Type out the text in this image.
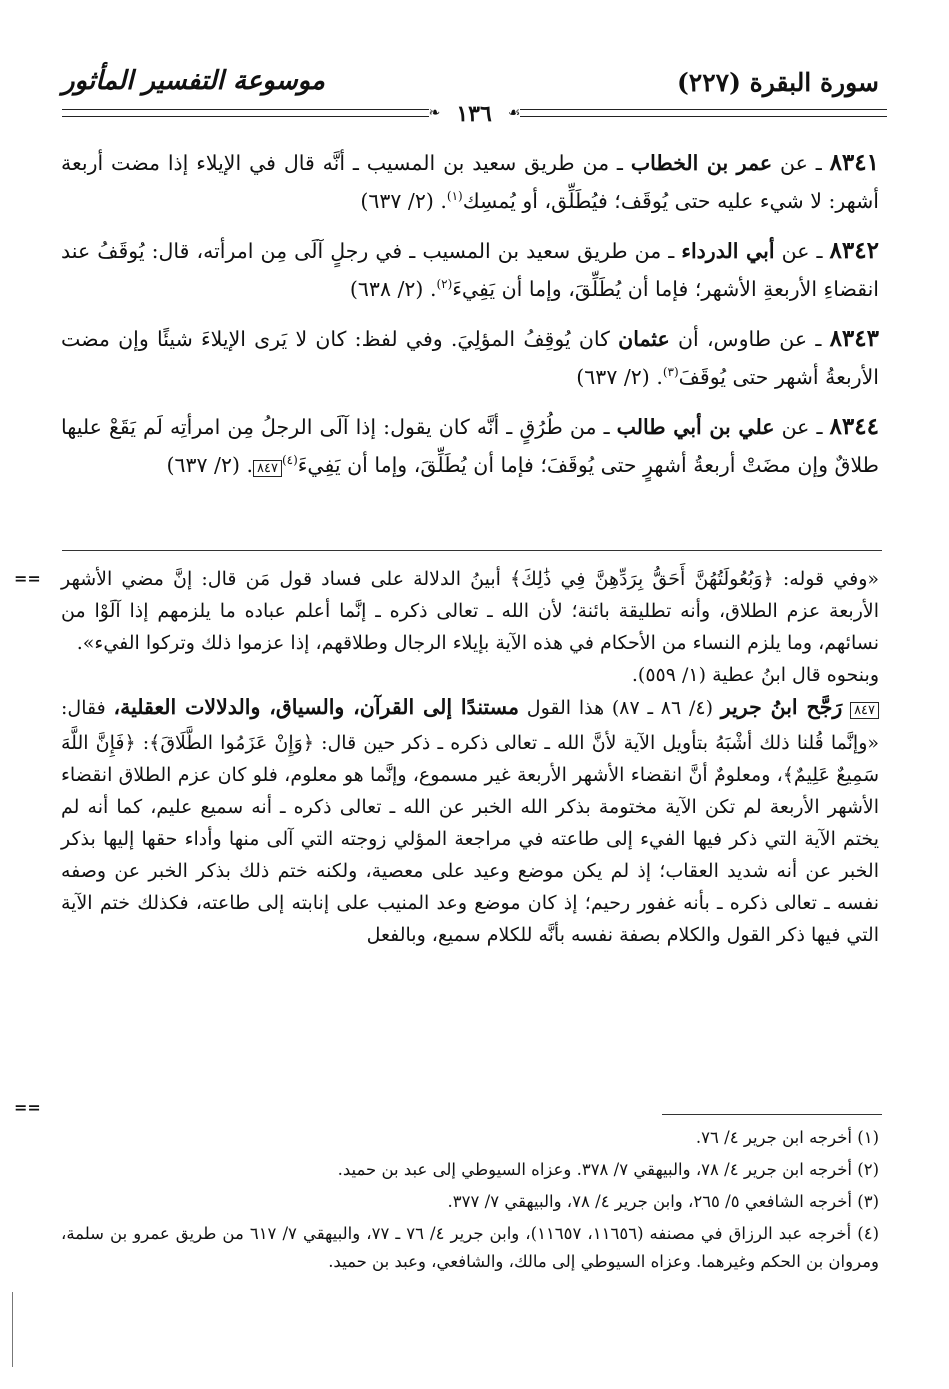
سورة البقرة (٢٢٧)
موسوعة التفسير المأثور
❧ ١٣٦	☙
٨٣٤١ ـ عن عمر بن الخطاب ـ من طريق سعيد بن المسيب ـ أنَّه قال في الإيلاء إذا مضت أربعة أشهر: لا شيء عليه حتى يُوقَف؛ فيُطَلِّق، أو يُمسِك$^{(١)}$. (٢/ ٦٣٧)
٨٣٤٢ ـ عن أبي الدرداء ـ من طريق سعيد بن المسيب ـ في رجلٍ آلَى مِن امرأته، قال: يُوقَفُ عند انقضاءِ الأربعةِ الأشهر؛ فإما أن يُطَلِّقَ، وإما أن يَفِيءَ$^{(٢)}$. (٢/ ٦٣٨)
٨٣٤٣ ـ عن طاوس، أن عثمان كان يُوقِفُ المؤلِيَ. وفي لفظ: كان لا يَرى الإيلاءَ شيئًا وإن مضت الأربعةُ أشهر حتى يُوقَفَ$^{(٣)}$. (٢/ ٦٣٧)
٨٣٤٤ ـ عن علي بن أبي طالب ـ من طُرُقٍ ـ أنَّه كان يقول: إذا آلَى الرجلُ مِن امرأتِه لَم يَقَعْ عليها طلاقٌ وإن مضَتْ أربعةُ أشهرٍ حتى يُوقَفَ؛ فإما أن يُطَلِّقَ، وإما أن يَفِيءَ$^{(٤)}$٨٤٧. (٢/ ٦٣٧)
«وفي قوله: ﴿وَبُعُولَتُهُنَّ أَحَقُّ بِرَدِّهِنَّ فِي ذَٰلِكَ﴾ أبينُ الدلالة على فساد قول مَن قال: إنَّ مضي الأشهر الأربعة عزم الطلاق، وأنه تطليقة بائنة؛ لأن الله ـ تعالى ذكره ـ إنَّما أعلم عباده ما يلزمهم إذا آلَوْا من نسائهم، وما يلزم النساء من الأحكام في هذه الآية بإيلاء الرجال وطلاقهم، إذا عزموا ذلك وتركوا الفيء».
وبنحوه قال ابنُ عطية (١/ ٥٥٩).
٨٤٧ رَجَّح ابنُ جرير (٤/ ٨٦ ـ ٨٧) هذا القول مستندًا إلى القرآن، والسياق، والدلالات العقلية، فقال: «وإنَّما قُلنا ذلك أشْبَهُ بتأويل الآية لأنَّ الله ـ تعالى ذكره ـ ذكر حين قال: ﴿وَإِنْ عَزَمُوا الطَّلَاقَ﴾: ﴿فَإِنَّ اللَّهَ سَمِيعٌ عَلِيمٌ﴾، ومعلومٌ أنَّ انقضاء الأشهر الأربعة غير مسموع، وإنَّما هو معلوم، فلو كان عزم الطلاق انقضاء الأشهر الأربعة لم تكن الآية مختومة بذكر الله الخبر عن الله ـ تعالى ذكره ـ أنه سميع عليم، كما أنه لم يختم الآية التي ذكر فيها الفيء إلى طاعته في مراجعة المؤلي زوجته التي آلى منها وأداء حقها إليها بذكر الخبر عن أنه شديد العقاب؛ إذ لم يكن موضع وعيد على معصية، ولكنه ختم ذلك بذكر الخبر عن وصفه نفسه ـ تعالى ذكره ـ بأنه غفور رحيم؛ إذ كان موضع وعد المنيب على إنابته إلى طاعته، فكذلك ختم الآية التي فيها ذكر القول والكلام بصفة نفسه بأنَّه للكلام سميع، وبالفعل
==
==
(١) أخرجه ابن جرير ٤/ ٧٦.
(٢) أخرجه ابن جرير ٤/ ٧٨، والبيهقي ٧/ ٣٧٨. وعزاه السيوطي إلى عبد بن حميد.
(٣) أخرجه الشافعي ٥/ ٢٦٥، وابن جرير ٤/ ٧٨، والبيهقي ٧/ ٣٧٧.
(٤) أخرجه عبد الرزاق في مصنفه (١١٦٥٦، ١١٦٥٧)، وابن جرير ٤/ ٧٦ ـ ٧٧، والبيهقي ٧/ ٦١٧ من طريق عمرو بن سلمة، ومروان بن الحكم وغيرهما. وعزاه السيوطي إلى مالك، والشافعي، وعبد بن حميد.
